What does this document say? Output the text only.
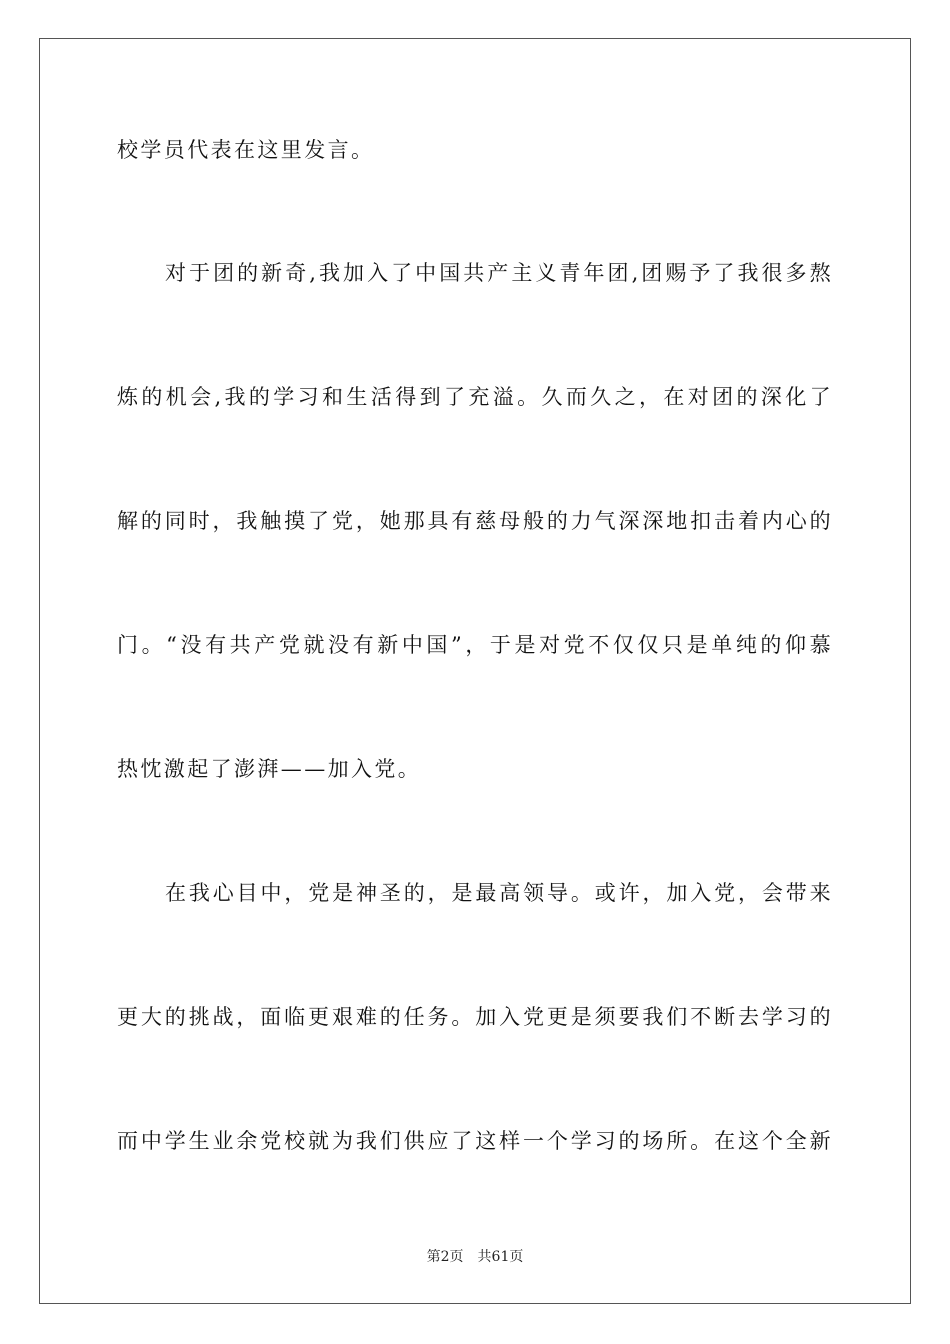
校学员代表在这里发言。
对于团的新奇,我加入了中国共产主义青年团,团赐予了我很多熬
炼的机会,我的学习和生活得到了充溢。久而久之，在对团的深化了
解的同时，我触摸了党，她那具有慈母般的力气深深地扣击着内心的
门。“没有共产党就没有新中国”，于是对党不仅仅只是单纯的仰慕
热忱激起了澎湃——加入党。
在我心目中，党是神圣的，是最高领导。或许，加入党，会带来
更大的挑战，面临更艰难的任务。加入党更是须要我们不断去学习的
而中学生业余党校就为我们供应了这样一个学习的场所。在这个全新
第2页 共61页
